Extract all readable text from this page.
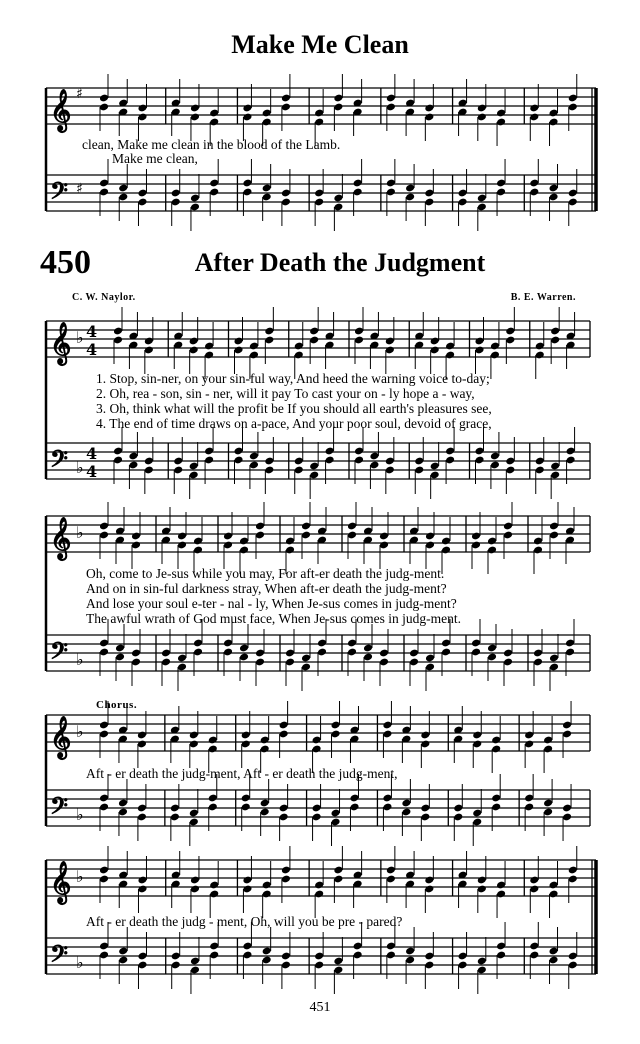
𝄞
𝄢
♯
♯
𝄞
𝄢
♭
♭
4
4
4
4
𝄞
𝄢
♭
♭
𝄞
𝄢
♭
♭
𝄞
𝄢
♭
♭
Make Me Clean
clean, Make me clean in the blood of the Lamb.
Make me clean,
450	After Death the Judgment
C. W. Naylor.	B. E. Warren.
1. Stop, sin-ner, on your sin-ful way, And heed the warning voice to-day;
2. Oh, rea - son, sin - ner, will it pay To cast your on - ly hope a - way,
3. Oh, think what will the profit be If you should all earth's pleasures see,
4. The end of time draws on a-pace, And your poor soul, devoid of grace,
Oh, come to Je-sus while you may, For aft-er death the judg-ment.
And on in sin-ful darkness stray, When aft-er death the judg-ment?
And lose your soul e-ter - nal - ly, When Je-sus comes in judg-ment?
The awful wrath of God must face, When Je-sus comes in judg-ment.
Chorus.
Aft - er death the judg-ment, Aft - er death the judg-ment,
Aft - er death the judg - ment, Oh, will you be pre - pared?
451
